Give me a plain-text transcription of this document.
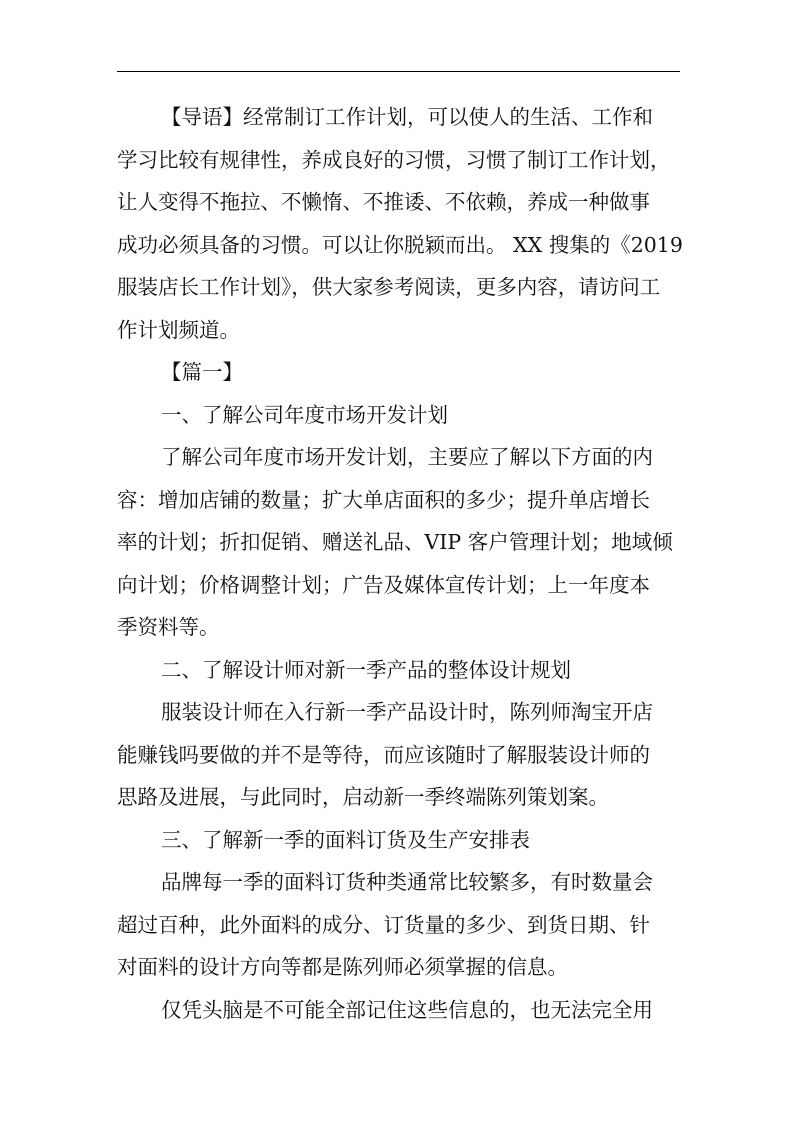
【导语】经常制订工作计划，可以使人的生活、工作和
学习比较有规律性，养成良好的习惯，习惯了制订工作计划，
让人变得不拖拉、不懒惰、不推诿、不依赖，养成一种做事
成功必须具备的习惯。可以让你脱颖而出。 XX 搜集的《2019
服装店长工作计划》，供大家参考阅读，更多内容，请访问工
作计划频道。
【篇一】
一、了解公司年度市场开发计划
了解公司年度市场开发计划，主要应了解以下方面的内
容：增加店铺的数量；扩大单店面积的多少；提升单店增长
率的计划；折扣促销、赠送礼品、VIP 客户管理计划；地域倾
向计划；价格调整计划；广告及媒体宣传计划；上一年度本
季资料等。
二、了解设计师对新一季产品的整体设计规划
服装设计师在入行新一季产品设计时，陈列师淘宝开店
能赚钱吗要做的并不是等待，而应该随时了解服装设计师的
思路及进展，与此同时，启动新一季终端陈列策划案。
三、了解新一季的面料订货及生产安排表
品牌每一季的面料订货种类通常比较繁多，有时数量会
超过百种，此外面料的成分、订货量的多少、到货日期、针
对面料的设计方向等都是陈列师必须掌握的信息。
仅凭头脑是不可能全部记住这些信息的，也无法完全用
